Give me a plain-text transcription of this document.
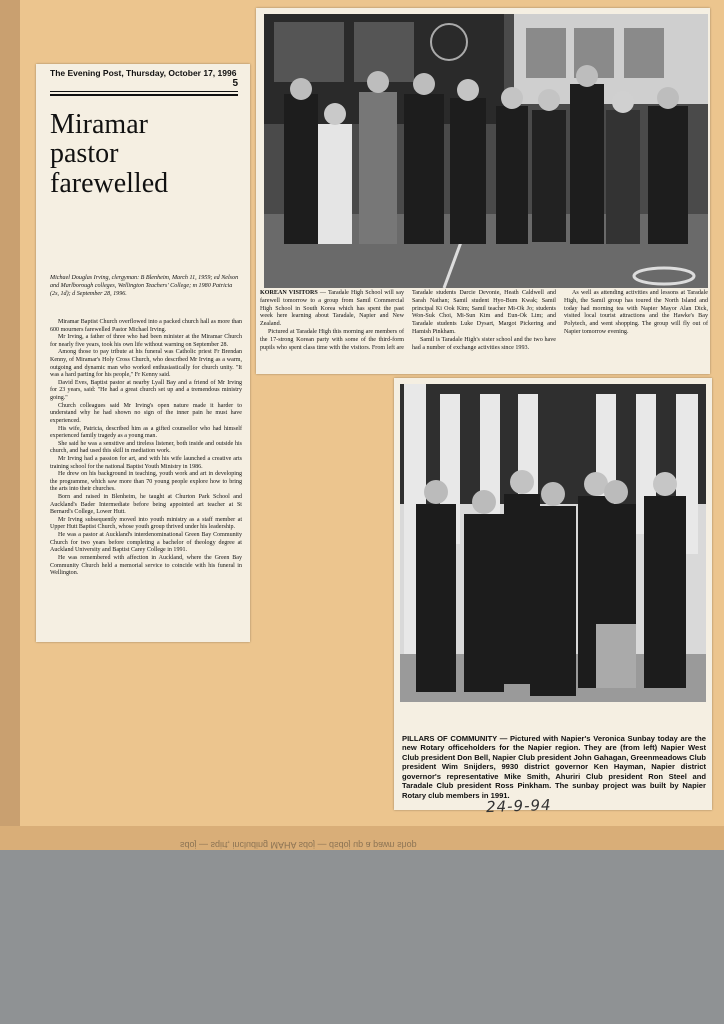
sdoj — sqirt, including MAHA sdoj — dsdoj up a pawn shop
The Evening Post, Thursday, October 17, 1996
5
Miramar
pastor
farewelled
Michael Douglas Irving, clergyman: B Blenheim, March 11, 1959; ed Nelson and Marlborough colleges, Wellington Teachers' College; m 1980 Patricia (2s, 1d); d September 28, 1996.

Miramar Baptist Church overflowed into a packed church hall as more than 600 mourners farewelled Pastor Michael Irving.

Mr Irving, a father of three who had been minister at the Miramar Church for nearly five years, took his own life without warning on September 28.

Among those to pay tribute at his funeral was Catholic priest Fr Brendan Kenny, of Miramar's Holy Cross Church, who described Mr Irving as a warm, outgoing and dynamic man who worked enthusiastically for church unity. "It was a hard parting for his people," Fr Kenny said.

David Eves, Baptist pastor at nearby Lyall Bay and a friend of Mr Irving for 23 years, said: "He had a great church set up and a tremendous ministry going."

Church colleagues said Mr Irving's open nature made it harder to understand why he had shown no sign of the inner pain he must have experienced.

His wife, Patricia, described him as a gifted counsellor who had himself experienced family tragedy as a young man.

She said he was a sensitive and tireless listener, both inside and outside his church, and had used this skill in mediation work.

Mr Irving had a passion for art, and with his wife launched a creative arts training school for the national Baptist Youth Ministry in 1986.

He drew on his background in teaching, youth work and art in developing the programme, which saw more than 70 young people explore how to bring the arts into their churches.

Born and raised in Blenheim, he taught at Churton Park School and Auckland's Bader Intermediate before being appointed art teacher at St Bernard's College, Lower Hutt.

Mr Irving subsequently moved into youth ministry as a staff member at Upper Hutt Baptist Church, whose youth group thrived under his leadership.

He was a pastor at Auckland's interdenominational Green Bay Community Church for two years before completing a bachelor of theology degree at Auckland University and Baptist Carey College in 1991.

He was remembered with affection in Auckland, where the Green Bay Community Church held a memorial service to coincide with his funeral in Wellington.

KOREAN VISITORS — Taradale High School will say farewell tomorrow to a group from Samil Commercial High School in South Korea which has spent the past week here learning about Taradale, Napier and New Zealand.

Pictured at Taradale High this morning are members of the 17-strong Korean party with some of the third-form pupils who spent class time with the visitors. From left are Taradale students Darcie Devonie, Heath Caldwell and Sarah Nathan; Samil student Hyo-Bum Kwak; Samil principal Ki Ook Kim; Samil teacher Mi-Ok Jo; students Won-Suk Choi, Mi-Sun Kim and Eun-Ok Lim; and Taradale students Luke Dysart, Margot Pickering and Hamish Pinkham.

Samil is Taradale High's sister school and the two have had a number of exchange activities since 1993.

As well as attending activities and lessons at Taradale High, the Samil group has toured the North Island and today had morning tea with Napier Mayor Alan Dick, visited local tourist attractions and the Hawke's Bay Polytech, and went shopping. The group will fly out of Napier tomorrow evening.

PILLARS OF COMMUNITY — Pictured with Napier's Veronica Sunbay today are the new Rotary officeholders for the Napier region. They are (from left) Napier West Club president Don Bell, Napier Club president John Gahagan, Greenmeadows Club president Wim Snijders, 9930 district governor Ken Hayman, Napier district governor's representative Mike Smith, Ahuriri Club president Ron Steel and Taradale Club president Ross Pinkham. The sunbay project was built by Napier Rotary club members in 1991.
24-9-94
